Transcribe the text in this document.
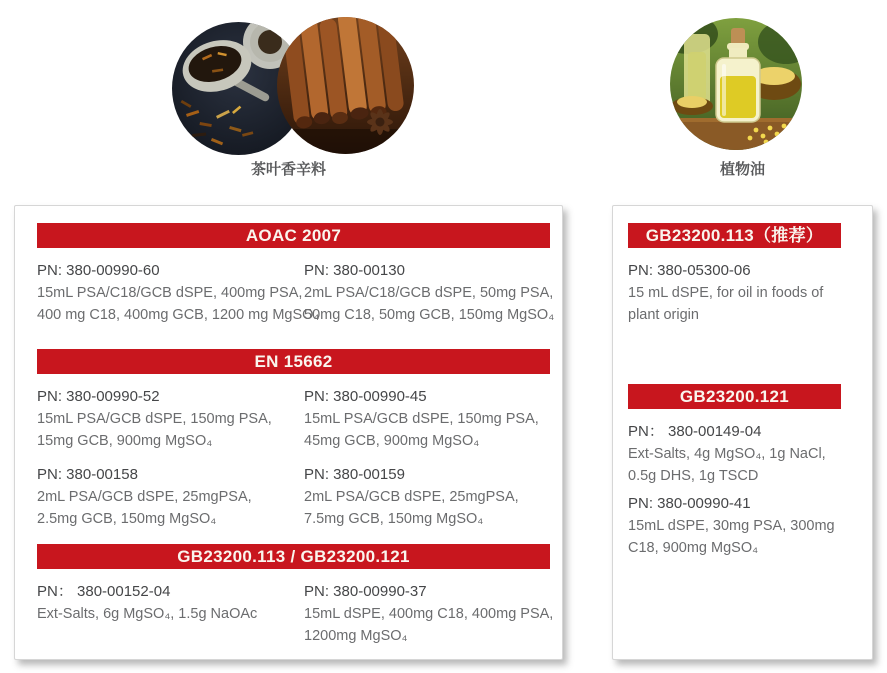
茶叶香辛料	植物油
AOAC 2007
PN: 380-00990-60
15mL PSA/C18/GCB dSPE, 400mg PSA,
400 mg C18, 400mg GCB, 1200 mg MgSO₄
PN: 380-00130
2mL PSA/C18/GCB dSPE, 50mg PSA,
50mg C18, 50mg GCB, 150mg MgSO₄
EN 15662
PN: 380-00990-52
15mL PSA/GCB dSPE, 150mg PSA,
15mg GCB, 900mg MgSO₄
PN: 380-00990-45
15mL PSA/GCB dSPE, 150mg PSA,
45mg GCB, 900mg MgSO₄
PN: 380-00158
2mL PSA/GCB dSPE, 25mgPSA,
2.5mg GCB, 150mg MgSO₄
PN: 380-00159
2mL PSA/GCB dSPE, 25mgPSA,
7.5mg GCB, 150mg MgSO₄
GB23200.113 / GB23200.121
PN： 380-00152-04
Ext-Salts, 6g MgSO₄, 1.5g NaOAc
PN: 380-00990-37
15mL dSPE, 400mg C18, 400mg PSA,
1200mg MgSO₄
GB23200.113（推荐）
PN: 380-05300-06
15 mL dSPE, for oil in foods of
plant origin
GB23200.121
PN： 380-00149-04
Ext-Salts, 4g MgSO₄, 1g NaCl,
0.5g DHS, 1g TSCD
PN: 380-00990-41
15mL dSPE, 30mg PSA, 300mg
C18, 900mg MgSO₄
